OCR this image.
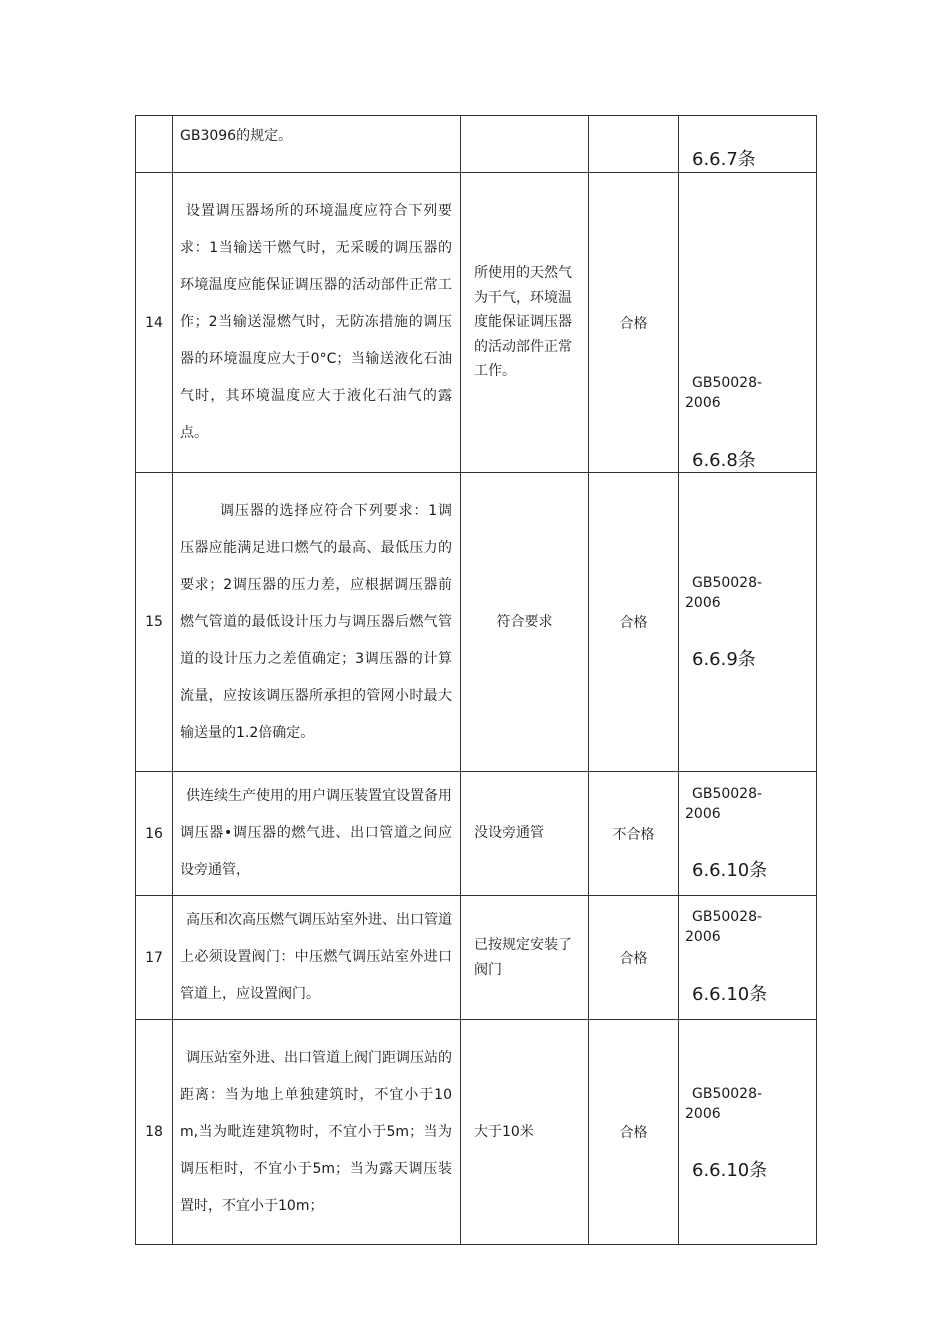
	GB3096的规定。			6.6.7条

14	设置调压器场所的环境温度应符合下列要求：1当输送干燃气时，无采暖的调压器的环境温度应能保证调压器的活动部件正常工作；2当输送湿燃气时，无防冻措施的调压器的环境温度应大于0°C；当输送液化石油气时，其环境温度应大于液化石油气的露点。	所使用的天然气为干气，环境温度能保证调压器的活动部件正常工作。	合格	GB50028-
2006
6.6.8条

15	调压器的选择应符合下列要求：1调压器应能满足进口燃气的最高、最低压力的要求；2调压器的压力差，应根据调压器前燃气管道的最低设计压力与调压器后燃气管道的设计压力之差值确定；3调压器的计算流量，应按该调压器所承担的管网小时最大输送量的1.2倍确定。	符合要求	合格	GB50028-
2006
6.6.9条

16	供连续生产使用的用户调压装置宜设置备用调压器•调压器的燃气进、出口管道之间应设旁通管，	没设旁通管	不合格	GB50028-
2006
6.6.10条

17	高压和次高压燃气调压站室外进、出口管道上必须设置阀门：中压燃气调压站室外进口管道上，应设置阀门。	已按规定安装了阀门	合格	GB50028-
2006
6.6.10条

18	调压站室外进、出口管道上阀门距调压站的距离：当为地上单独建筑时，不宜小于10m,当为毗连建筑物时，不宜小于5m；当为调压柜时，不宜小于5m；当为露天调压装置时，不宜小于10m；	大于10米	合格	GB50028-
2006
6.6.10条
